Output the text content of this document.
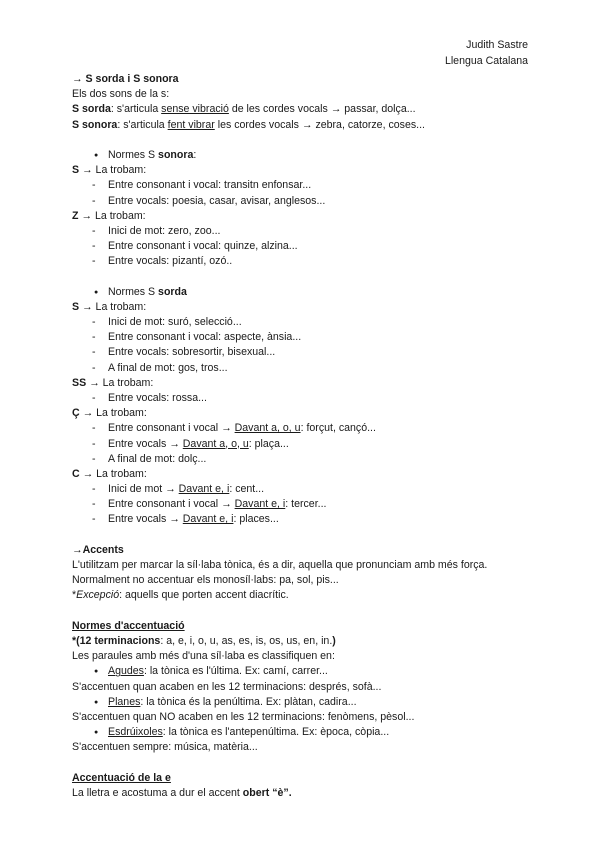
Judith Sastre
Llengua Catalana
→ S sorda i S sonora
Els dos sons de la s:
S sorda: s'articula sense vibració de les cordes vocals → passar, dolça...
S sonora: s'articula fent vibrar les cordes vocals → zebra, catorze, coses...
● Normes S sonora:
S → La trobam:
- Entre consonant i vocal: transitn enfonsar...
- Entre vocals: poesia, casar, avisar, anglesos...
Z → La trobam:
- Inici de mot: zero, zoo...
- Entre consonant i vocal: quinze, alzina...
- Entre vocals: pizantí, ozó..
● Normes S sorda
S → La trobam:
- Inici de mot: suró, selecció...
- Entre consonant i vocal: aspecte, ànsia...
- Entre vocals: sobresortir, bisexual...
- A final de mot: gos, tros...
SS → La trobam:
- Entre vocals: rossa...
Ç → La trobam:
- Entre consonant i vocal → Davant a, o, u: forçut, cançó...
- Entre vocals → Davant a, o, u: plaça...
- A final de mot: dolç...
C → La trobam:
- Inici de mot → Davant e, i: cent...
- Entre consonant i vocal → Davant e, i: tercer...
- Entre vocals → Davant e, i: places...
→Accents
L'utilitzam per marcar la síl·laba tònica, és a dir, aquella que pronunciam amb més força.
Normalment no accentuar els monosíl·labs: pa, sol, pis...
*Excepció: aquells que porten accent diacrític.
Normes d'accentuació
*(12 terminacions: a, e, i, o, u, as, es, is, os, us, en, in.)
Les paraules amb més d'una síl·laba es classifiquen en:
● Agudes: la tònica es l'última. Ex: camí, carrer...
S'accentuen quan acaben en les 12 terminacions: després, sofà...
● Planes: la tònica és la penúltima. Ex: plàtan, cadira...
S'accentuen quan NO acaben en les 12 terminacions: fenòmens, pèsol...
● Esdrúixoles: la tònica es l'antepenúltima. Ex: època, còpia...
S'accentuen sempre: música, matèria...
Accentuació de la e
La lletra e acostuma a dur el accent obert “è”.
